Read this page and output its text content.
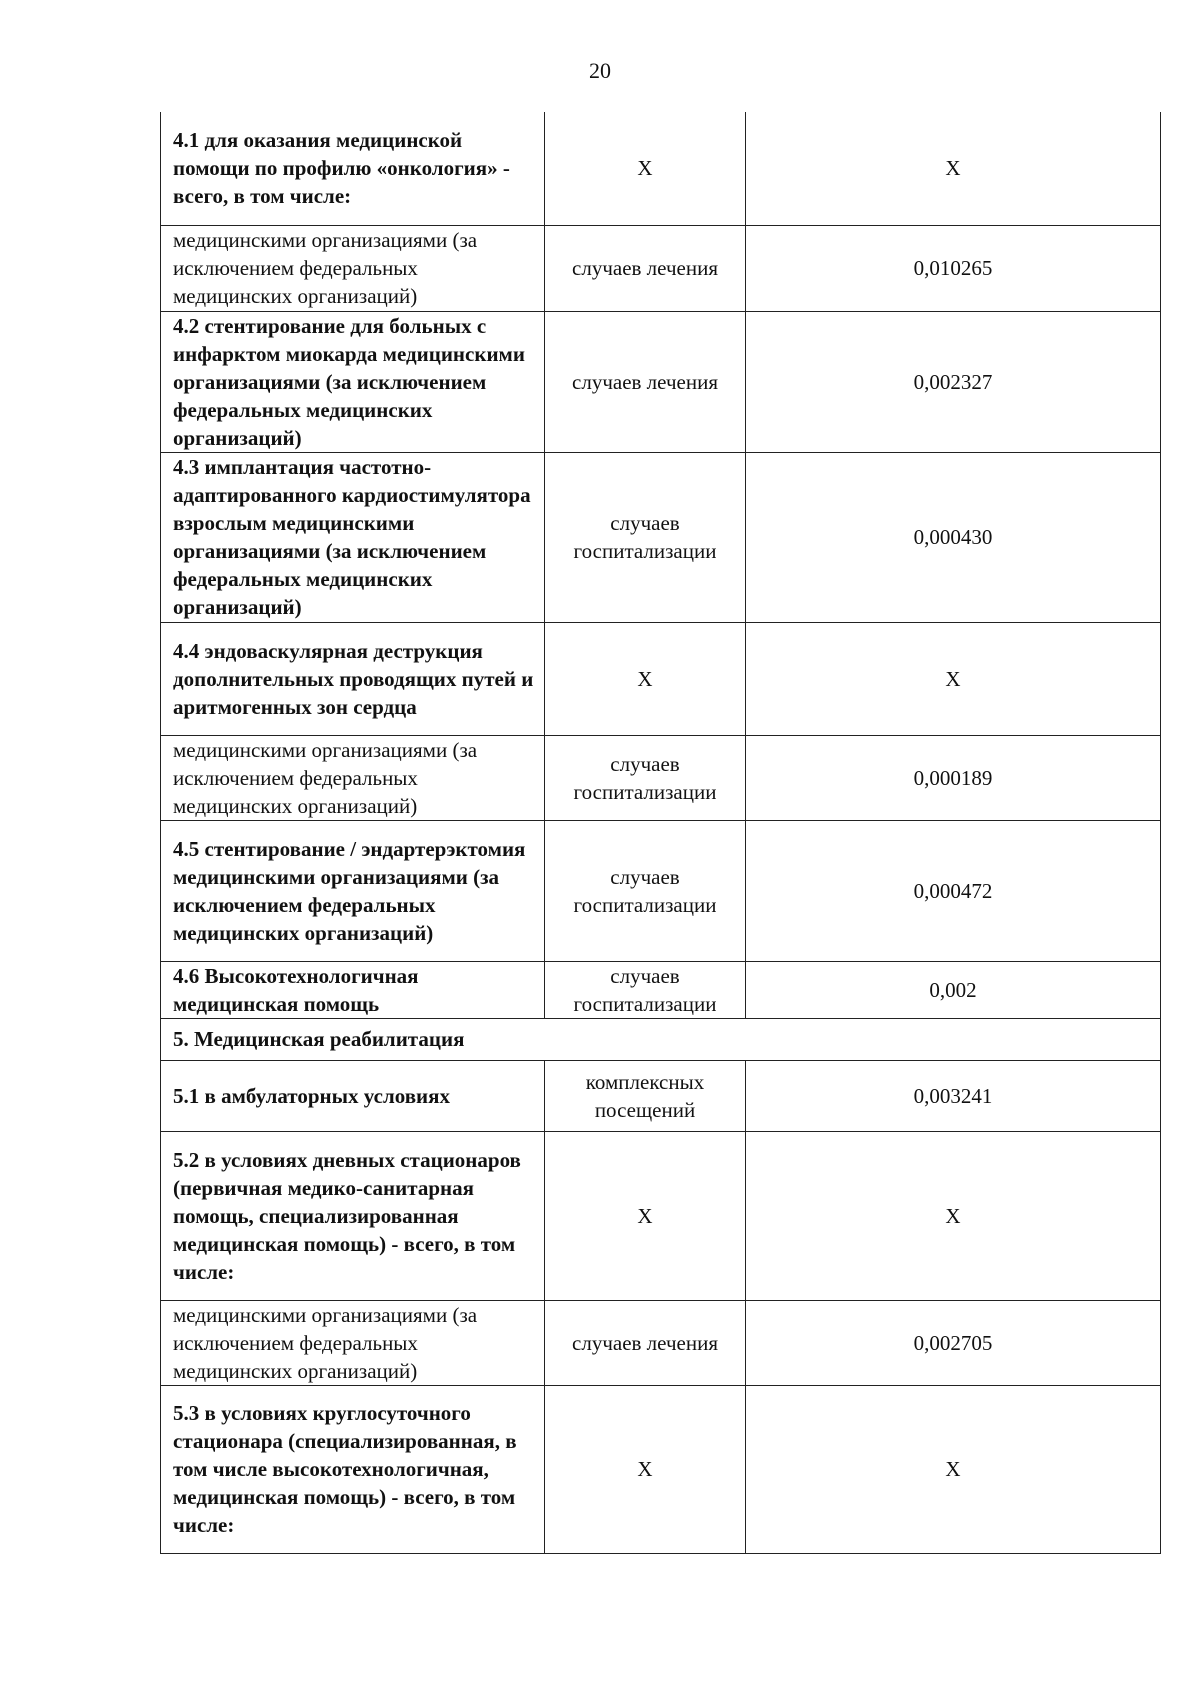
20
4.1 для оказания медицинской помощи по профилю «онкология» - всего, в том числе:	X	X
медицинскими организациями (за исключением федеральных медицинских организаций)	случаев лечения	0,010265
4.2 стентирование для больных с инфарктом миокарда медицинскими организациями (за исключением федеральных медицинских организаций)	случаев лечения	0,002327
4.3 имплантация частотно-адаптированного кардиостимулятора взрослым медицинскими организациями (за исключением федеральных медицинских организаций)	случаев госпитализации	0,000430
4.4 эндоваскулярная деструкция дополнительных проводящих путей и аритмогенных зон сердца	X	X
медицинскими организациями (за исключением федеральных медицинских организаций)	случаев госпитализации	0,000189
4.5 стентирование / эндартерэктомия медицинскими организациями (за исключением федеральных медицинских организаций)	случаев госпитализации	0,000472
4.6 Высокотехнологичная медицинская помощь	случаев госпитализации	0,002
5. Медицинская реабилитация		
5.1 в амбулаторных условиях	комплексных посещений	0,003241
5.2 в условиях дневных стационаров (первичная медико-санитарная помощь, специализированная медицинская помощь) - всего, в том числе:	X	X
медицинскими организациями (за исключением федеральных медицинских организаций)	случаев лечения	0,002705
5.3 в условиях круглосуточного стационара (специализированная, в том числе высокотехнологичная, медицинская помощь) - всего, в том числе:	X	X
